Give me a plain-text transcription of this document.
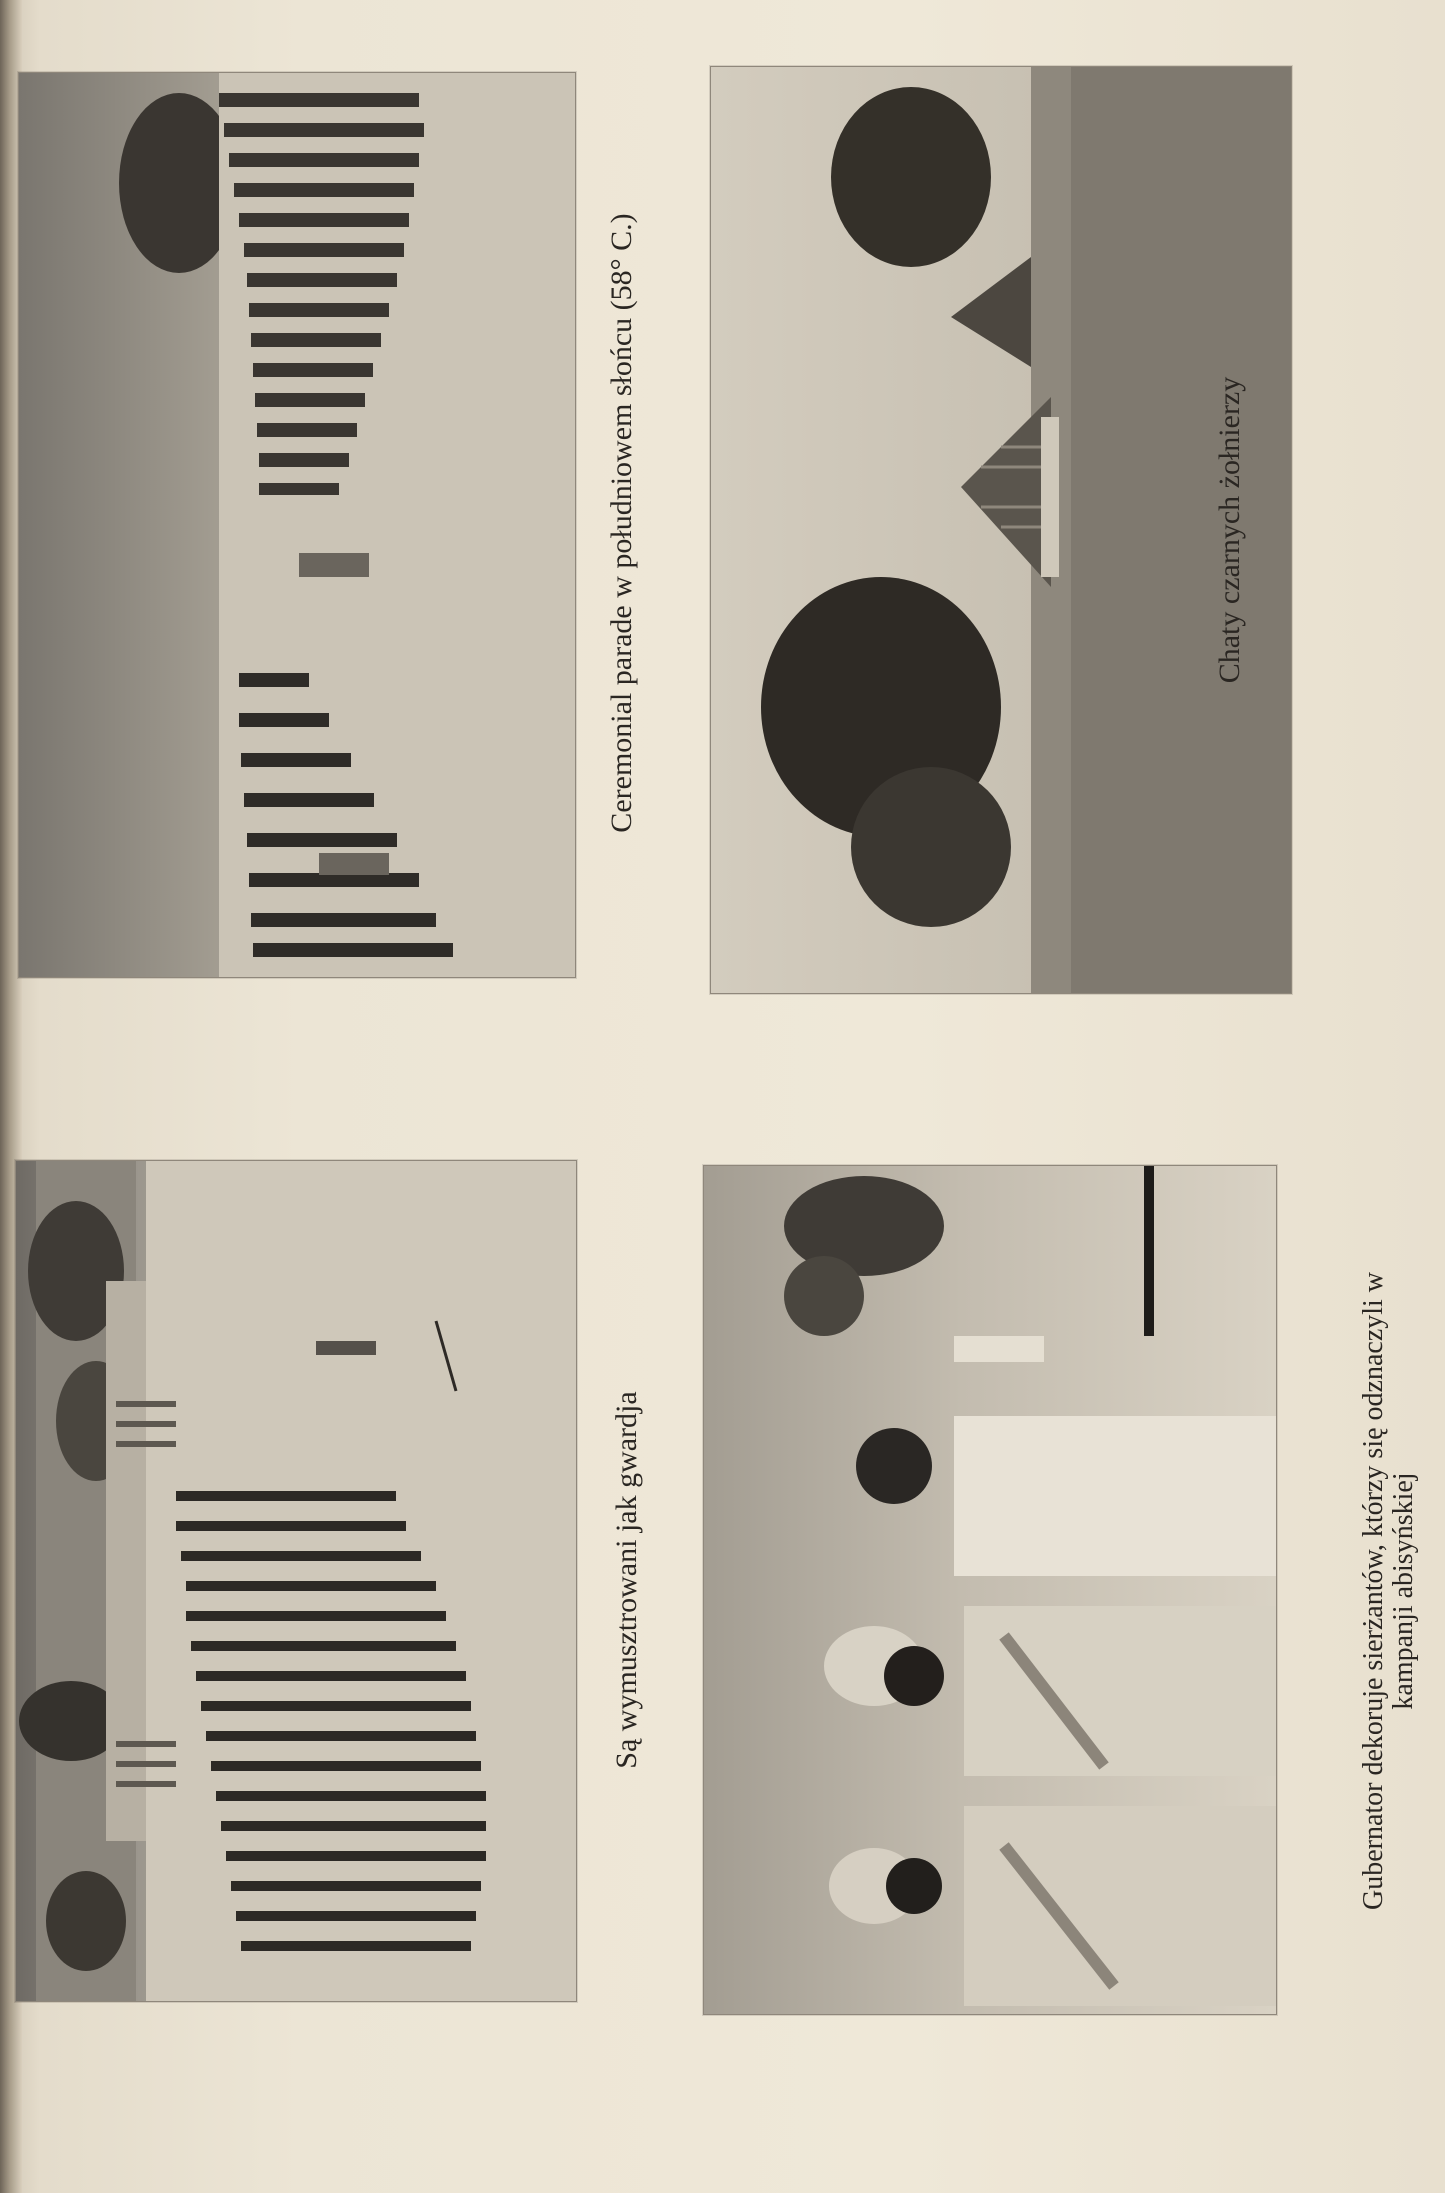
Są wymusztrowani jak gwardja
Ceremonial parade w południowem słońcu (58° C.)
Gubernator dekoruje sierżantów, którzy się odznaczyli w kampanji abisyńskiej
Chaty czarnych żołnierzy
